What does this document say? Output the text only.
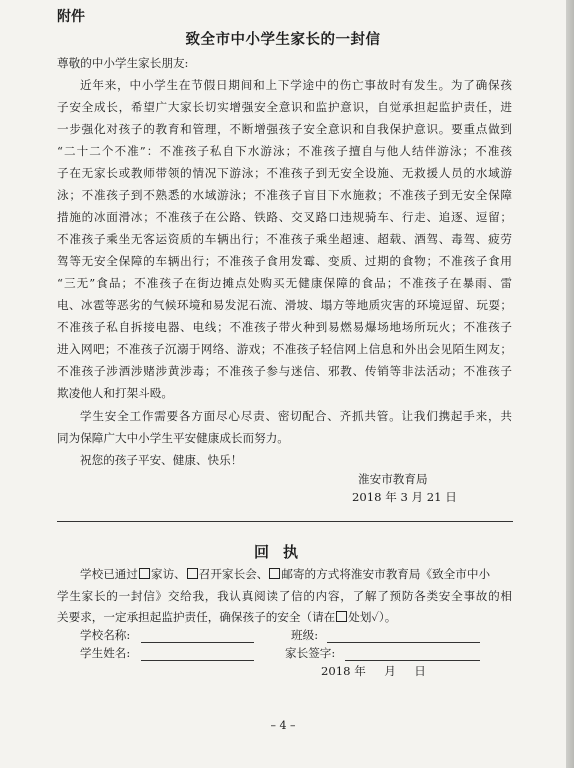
附件
致全市中小学生家长的一封信
尊敬的中小学生家长朋友:
近年来，中小学生在节假日期间和上下学途中的伤亡事故时有发生。为了确保孩
子安全成长，希望广大家长切实增强安全意识和监护意识，自觉承担起监护责任，进
一步强化对孩子的教育和管理，不断增强孩子安全意识和自我保护意识。要重点做到
“二十二个不准”：不准孩子私自下水游泳；不准孩子擅自与他人结伴游泳；不准孩
子在无家长或教师带领的情况下游泳；不准孩子到无安全设施、无救援人员的水域游
泳；不准孩子到不熟悉的水域游泳；不准孩子盲目下水施救；不准孩子到无安全保障
措施的冰面滑冰；不准孩子在公路、铁路、交叉路口违规骑车、行走、追逐、逗留；
不准孩子乘坐无客运资质的车辆出行；不准孩子乘坐超速、超载、酒驾、毒驾、疲劳
驾等无安全保障的车辆出行；不准孩子食用发霉、变质、过期的食物；不准孩子食用
“三无”食品；不准孩子在街边摊点处购买无健康保障的食品；不准孩子在暴雨、雷
电、冰雹等恶劣的气候环境和易发泥石流、滑坡、塌方等地质灾害的环境逗留、玩耍；
不准孩子私自拆接电器、电线；不准孩子带火种到易燃易爆场地场所玩火；不准孩子
进入网吧；不准孩子沉溺于网络、游戏；不准孩子轻信网上信息和外出会见陌生网友；
不准孩子涉酒涉赌涉黄涉毒；不准孩子参与迷信、邪教、传销等非法活动；不准孩子
欺凌他人和打架斗殴。
学生安全工作需要各方面尽心尽责、密切配合、齐抓共管。让我们携起手来，共
同为保障广大中小学生平安健康成长而努力。
祝您的孩子平安、健康、快乐！
淮安市教育局
2018 年 3 月 21 日
回执
学校已通过 家访、 召开家长会、 邮寄的方式将淮安市教育局《致全市中小
学生家长的一封信》交给我，我认真阅读了信的内容，了解了预防各类安全事故的相
关要求，一定承担起监护责任，确保孩子的安全（请在 处划✓）。
学校名称:	班级:
学生姓名:	家长签字:
2018 年     月     日
– 4 –
